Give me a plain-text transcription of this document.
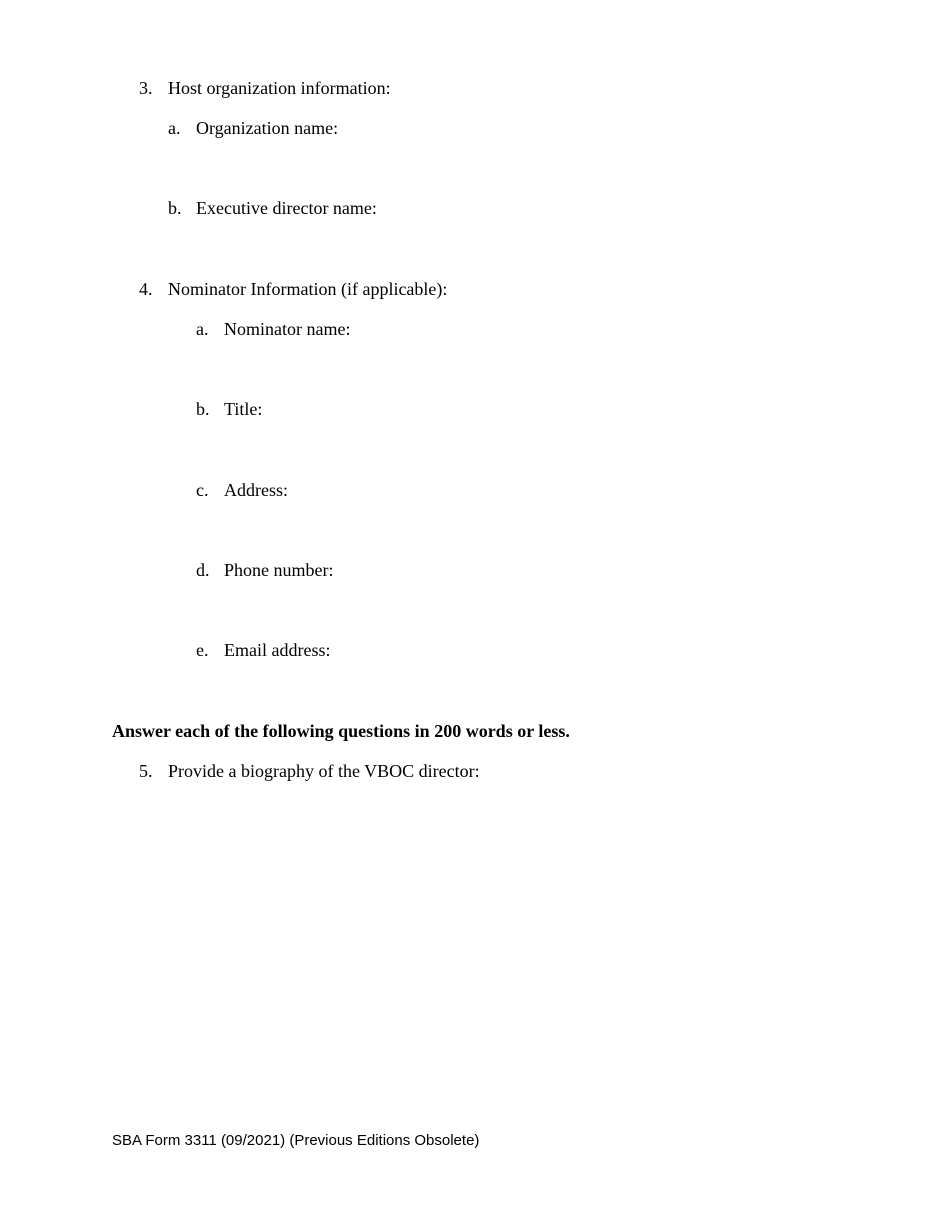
3. Host organization information:
a. Organization name:
b. Executive director name:
4. Nominator Information (if applicable):
a. Nominator name:
b. Title:
c. Address:
d. Phone number:
e. Email address:
Answer each of the following questions in 200 words or less.
5. Provide a biography of the VBOC director:
SBA Form 3311 (09/2021) (Previous Editions Obsolete)
